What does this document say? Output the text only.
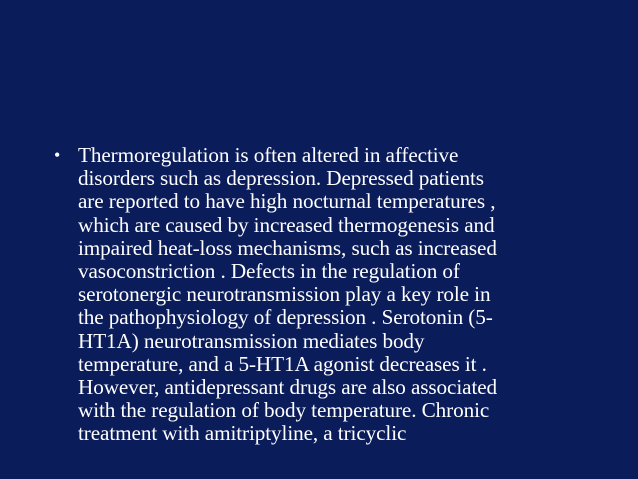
• Thermoregulation is often altered in affective
disorders such as depression. Depressed patients
are reported to have high nocturnal temperatures ,
which are caused by increased thermogenesis and
impaired heat-loss mechanisms, such as increased
vasoconstriction . Defects in the regulation of
serotonergic neurotransmission play a key role in
the pathophysiology of depression . Serotonin (5-
HT1A) neurotransmission mediates body
temperature, and a 5-HT1A agonist decreases it .
However, antidepressant drugs are also associated
with the regulation of body temperature. Chronic
treatment with amitriptyline, a tricyclic
